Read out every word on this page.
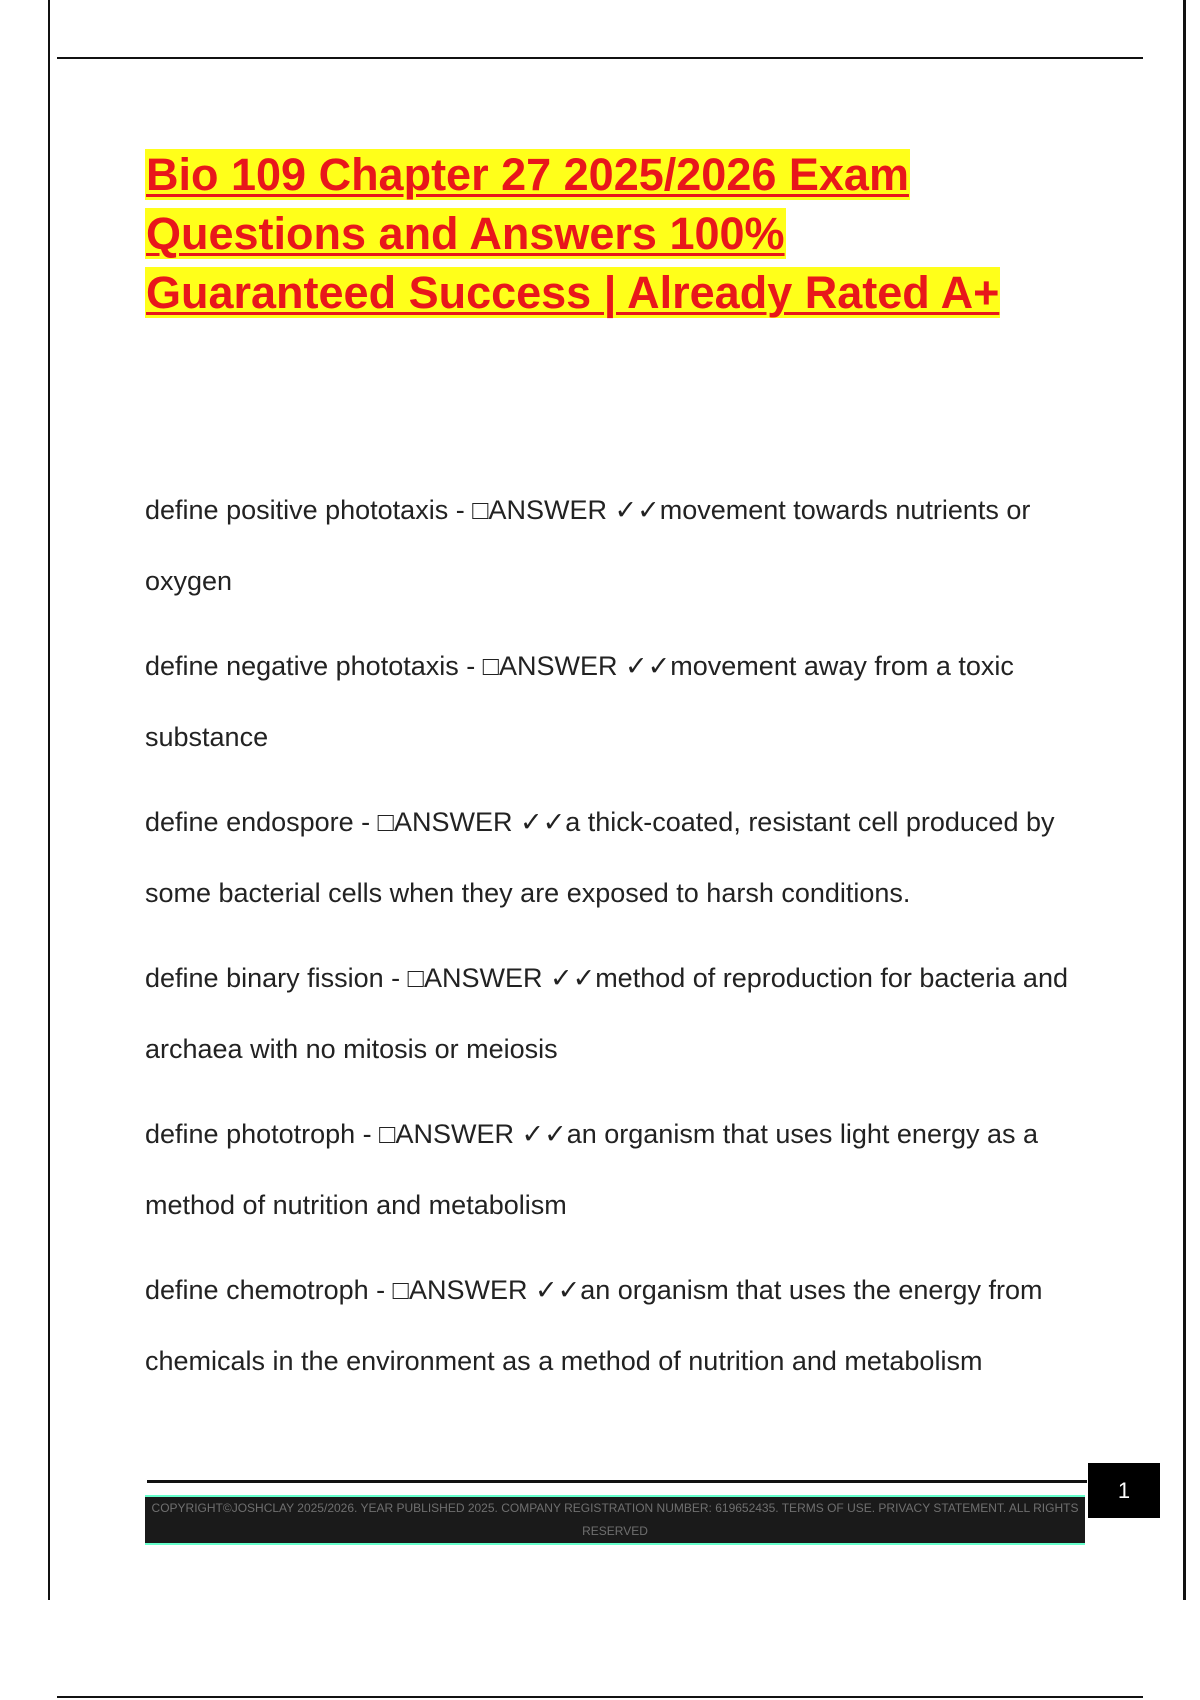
Bio 109 Chapter 27 2025/2026 Exam
Questions and Answers 100%
Guaranteed Success | Already Rated A+

define positive phototaxis - □ANSWER ✓✓movement towards nutrients or oxygen

define negative phototaxis - □ANSWER ✓✓movement away from a toxic substance

define endospore - □ANSWER ✓✓a thick-coated, resistant cell produced by some bacterial cells when they are exposed to harsh conditions.

define binary fission - □ANSWER ✓✓method of reproduction for bacteria and archaea with no mitosis or meiosis

define phototroph - □ANSWER ✓✓an organism that uses light energy as a method of nutrition and metabolism

define chemotroph - □ANSWER ✓✓an organism that uses the energy from chemicals in the environment as a method of nutrition and metabolism

1
COPYRIGHT©JOSHCLAY 2025/2026. YEAR PUBLISHED 2025. COMPANY REGISTRATION NUMBER: 619652435. TERMS OF USE. PRIVACY STATEMENT. ALL RIGHTS RESERVED
